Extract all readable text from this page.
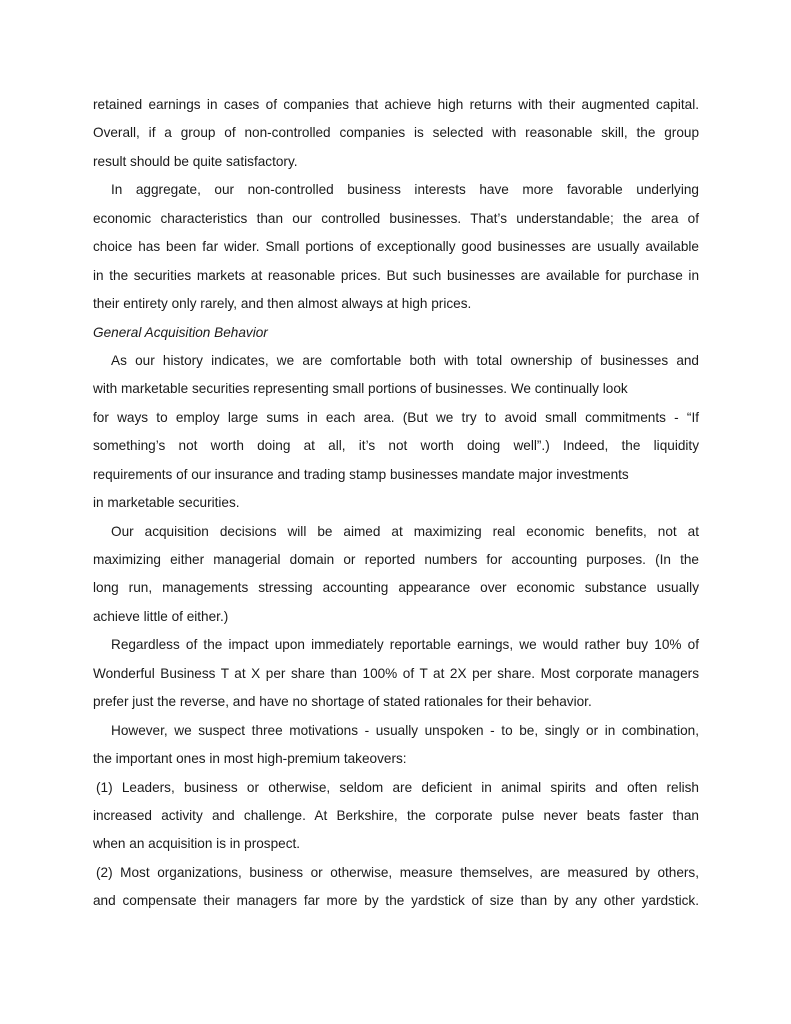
retained earnings in cases of companies that achieve high returns with their augmented capital.
Overall, if a group of non-controlled companies is selected with reasonable skill, the group
result should be quite satisfactory.
In aggregate, our non-controlled business interests have more favorable underlying
economic characteristics than our controlled businesses. That’s understandable; the area of
choice has been far wider. Small portions of exceptionally good businesses are usually available
in the securities markets at reasonable prices. But such businesses are available for purchase in
their entirety only rarely, and then almost always at high prices.
General Acquisition Behavior
As our history indicates, we are comfortable both with total ownership of businesses and
with marketable securities representing small portions of businesses. We continually look
for ways to employ large sums in each area. (But we try to avoid small commitments - “If
something’s not worth doing at all, it’s not worth doing well”.) Indeed, the liquidity
requirements of our insurance and trading stamp businesses mandate major investments
in marketable securities.
Our acquisition decisions will be aimed at maximizing real economic benefits, not at
maximizing either managerial domain or reported numbers for accounting purposes. (In the
long run, managements stressing accounting appearance over economic substance usually
achieve little of either.)
Regardless of the impact upon immediately reportable earnings, we would rather buy 10% of
Wonderful Business T at X per share than 100% of T at 2X per share. Most corporate managers
prefer just the reverse, and have no shortage of stated rationales for their behavior.
However, we suspect three motivations - usually unspoken - to be, singly or in combination,
the important ones in most high-premium takeovers:
(1) Leaders, business or otherwise, seldom are deficient in animal spirits and often relish
increased activity and challenge. At Berkshire, the corporate pulse never beats faster than
when an acquisition is in prospect.
(2) Most organizations, business or otherwise, measure themselves, are measured by others,
and compensate their managers far more by the yardstick of size than by any other yardstick.
